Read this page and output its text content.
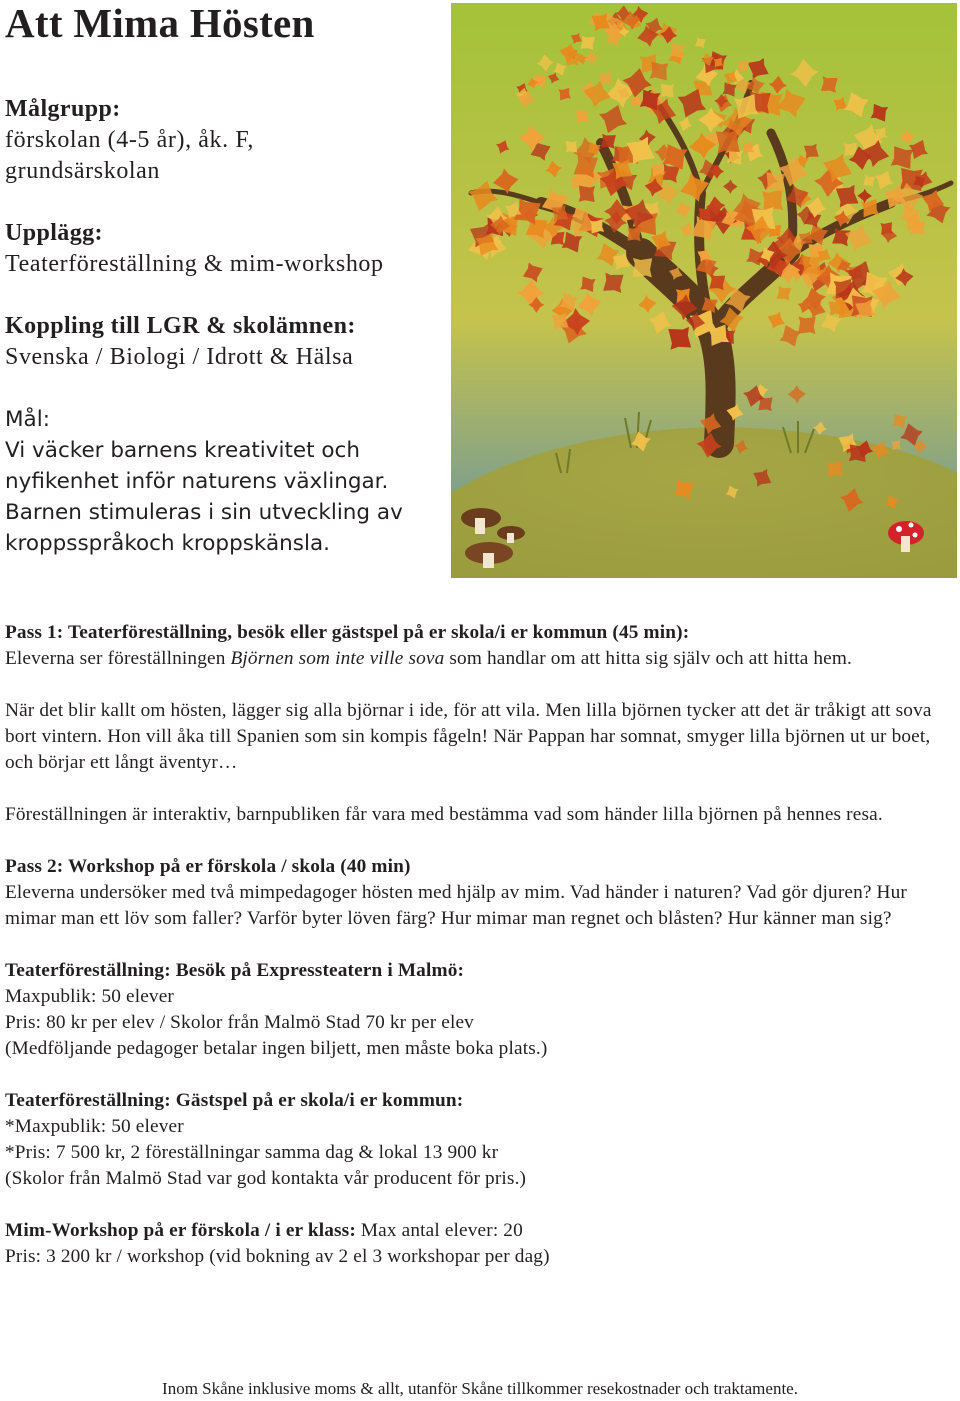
Att Mima Hösten
Målgrupp:
förskolan (4-5 år), åk. F, grundsärskolan
Upplägg:
Teaterföreställning & mim-workshop
Koppling till LGR & skolämnen:
Svenska / Biologi / Idrott & Hälsa
Mål:
Vi väcker barnens kreativitet och nyfikenhet inför naturens växlingar. Barnen stimuleras i sin utveckling av kroppsspråkoch kroppskänsla.

Pass 1: Teaterföreställning, besök eller gästspel på er skola/i er kommun (45 min):

Eleverna ser föreställningen Björnen som inte ville sova som handlar om att hitta sig själv och att hitta hem.

När det blir kallt om hösten, lägger sig alla björnar i ide, för att vila. Men lilla björnen tycker att det är tråkigt att sova bort vintern. Hon vill åka till Spanien som sin kompis fågeln! När Pappan har somnat, smyger lilla björnen ut ur boet, och börjar ett långt äventyr…

Föreställningen är interaktiv, barnpubliken får vara med bestämma vad som händer lilla björnen på hennes resa.

Pass 2: Workshop på er förskola / skola (40 min)

Eleverna undersöker med två mimpedagoger hösten med hjälp av mim. Vad händer i naturen? Vad gör djuren? Hur mimar man ett löv som faller? Varför byter löven färg? Hur mimar man regnet och blåsten? Hur känner man sig?

Teaterföreställning: Besök på Expressteatern i Malmö:

Maxpublik: 50 elever

Pris: 80 kr per elev / Skolor från Malmö Stad 70 kr per elev

(Medföljande pedagoger betalar ingen biljett, men måste boka plats.)

Teaterföreställning: Gästspel på er skola/i er kommun:

*Maxpublik: 50 elever

*Pris: 7 500 kr, 2 föreställningar samma dag & lokal 13 900 kr

(Skolor från Malmö Stad var god kontakta vår producent för pris.)

Mim-Workshop på er förskola / i er klass: Max antal elever: 20

Pris: 3 200 kr / workshop (vid bokning av 2 el 3 workshopar per dag)

Inom Skåne inklusive moms & allt, utanför Skåne tillkommer resekostnader och traktamente.
